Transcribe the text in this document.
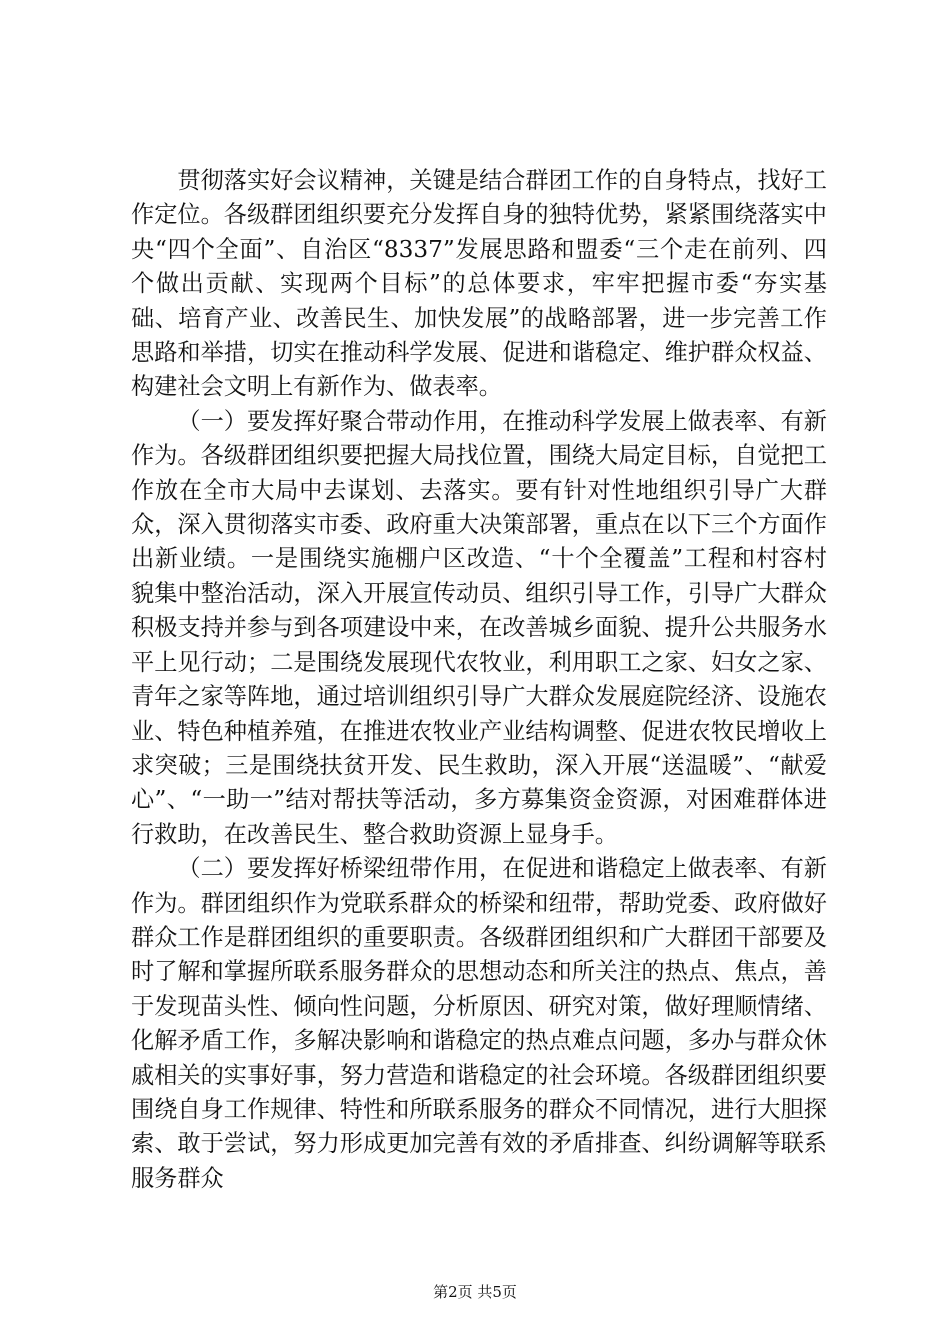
贯彻落实好会议精神，关键是结合群团工作的自身特点，找好工作定位。各级群团组织要充分发挥自身的独特优势，紧紧围绕落实中央“四个全面”、自治区“8337”发展思路和盟委“三个走在前列、四个做出贡献、实现两个目标”的总体要求，牢牢把握市委“夯实基础、培育产业、改善民生、加快发展”的战略部署，进一步完善工作思路和举措，切实在推动科学发展、促进和谐稳定、维护群众权益、构建社会文明上有新作为、做表率。

（一）要发挥好聚合带动作用，在推动科学发展上做表率、有新作为。各级群团组织要把握大局找位置，围绕大局定目标，自觉把工作放在全市大局中去谋划、去落实。要有针对性地组织引导广大群众，深入贯彻落实市委、政府重大决策部署，重点在以下三个方面作出新业绩。一是围绕实施棚户区改造、“十个全覆盖”工程和村容村貌集中整治活动，深入开展宣传动员、组织引导工作，引导广大群众积极支持并参与到各项建设中来，在改善城乡面貌、提升公共服务水平上见行动；二是围绕发展现代农牧业，利用职工之家、妇女之家、青年之家等阵地，通过培训组织引导广大群众发展庭院经济、设施农业、特色种植养殖，在推进农牧业产业结构调整、促进农牧民增收上求突破；三是围绕扶贫开发、民生救助，深入开展“送温暖”、“献爱心”、“一助一”结对帮扶等活动，多方募集资金资源，对困难群体进行救助，在改善民生、整合救助资源上显身手。

（二）要发挥好桥梁纽带作用，在促进和谐稳定上做表率、有新作为。群团组织作为党联系群众的桥梁和纽带，帮助党委、政府做好群众工作是群团组织的重要职责。各级群团组织和广大群团干部要及时了解和掌握所联系服务群众的思想动态和所关注的热点、焦点，善于发现苗头性、倾向性问题，分析原因、研究对策，做好理顺情绪、化解矛盾工作，多解决影响和谐稳定的热点难点问题，多办与群众休戚相关的实事好事，努力营造和谐稳定的社会环境。各级群团组织要围绕自身工作规律、特性和所联系服务的群众不同情况，进行大胆探索、敢于尝试，努力形成更加完善有效的矛盾排查、纠纷调解等联系服务群众

第2页 共5页
